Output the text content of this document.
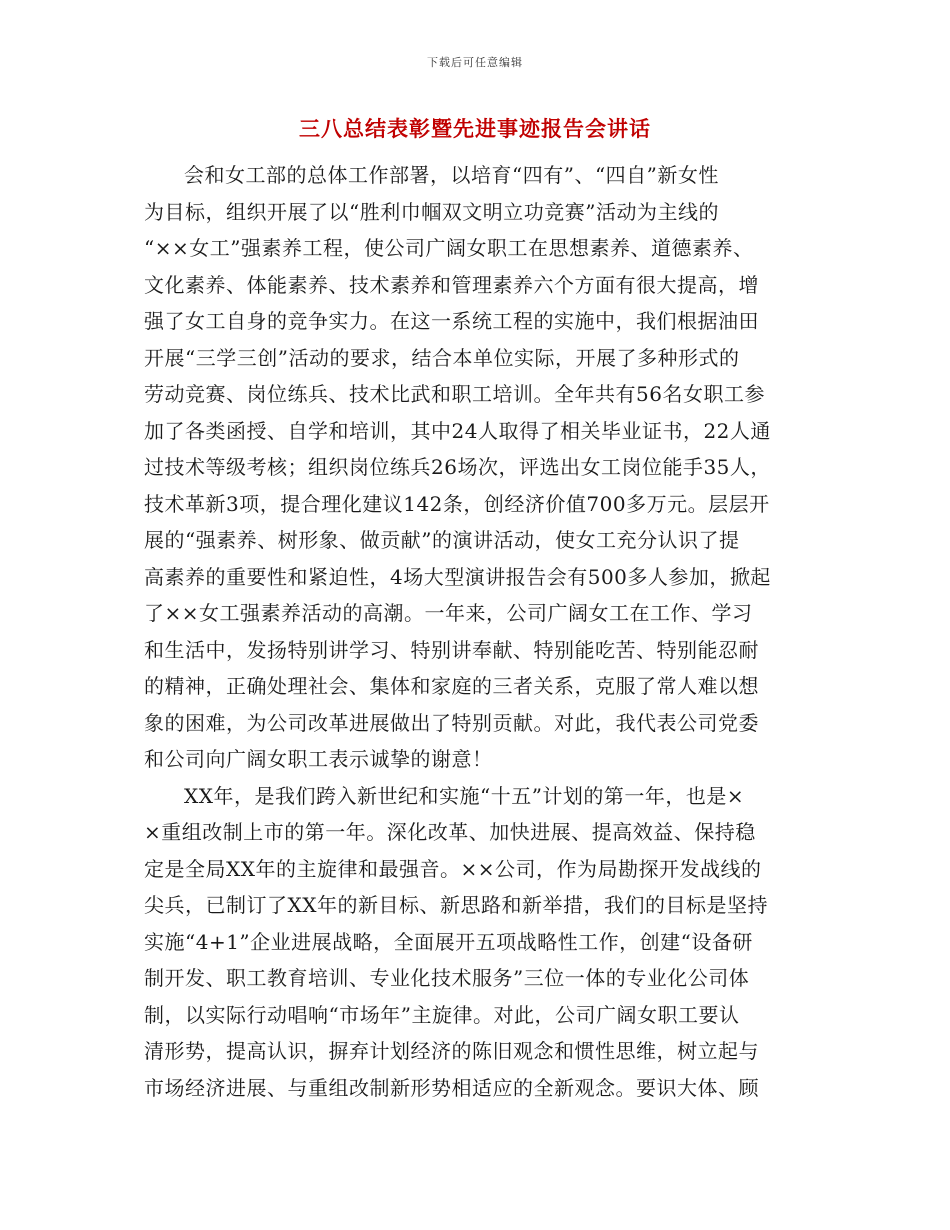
下载后可任意编辑
三八总结表彰暨先进事迹报告会讲话
会和女工部的总体工作部署，以培育“四有”、“四自”新女性
为目标，组织开展了以“胜利巾帼双文明立功竞赛”活动为主线的
“××女工”强素养工程，使公司广阔女职工在思想素养、道德素养、
文化素养、体能素养、技术素养和管理素养六个方面有很大提高，增
强了女工自身的竞争实力。在这一系统工程的实施中，我们根据油田
开展“三学三创”活动的要求，结合本单位实际，开展了多种形式的
劳动竞赛、岗位练兵、技术比武和职工培训。全年共有56名女职工参
加了各类函授、自学和培训，其中24人取得了相关毕业证书，22人通
过技术等级考核；组织岗位练兵26场次，评选出女工岗位能手35人，
技术革新3项，提合理化建议142条，创经济价值700多万元。层层开
展的“强素养、树形象、做贡献”的演讲活动，使女工充分认识了提
高素养的重要性和紧迫性，4场大型演讲报告会有500多人参加，掀起
了××女工强素养活动的高潮。一年来，公司广阔女工在工作、学习
和生活中，发扬特别讲学习、特别讲奉献、特别能吃苦、特别能忍耐
的精神，正确处理社会、集体和家庭的三者关系，克服了常人难以想
象的困难，为公司改革进展做出了特别贡献。对此，我代表公司党委
和公司向广阔女职工表示诚挚的谢意！
XX年，是我们跨入新世纪和实施“十五”计划的第一年，也是×
×重组改制上市的第一年。深化改革、加快进展、提高效益、保持稳
定是全局XX年的主旋律和最强音。××公司，作为局勘探开发战线的
尖兵，已制订了XX年的新目标、新思路和新举措，我们的目标是坚持
实施“4+1”企业进展战略，全面展开五项战略性工作，创建“设备研
制开发、职工教育培训、专业化技术服务”三位一体的专业化公司体
制，以实际行动唱响“市场年”主旋律。对此，公司广阔女职工要认
清形势，提高认识，摒弃计划经济的陈旧观念和惯性思维，树立起与
市场经济进展、与重组改制新形势相适应的全新观念。要识大体、顾
